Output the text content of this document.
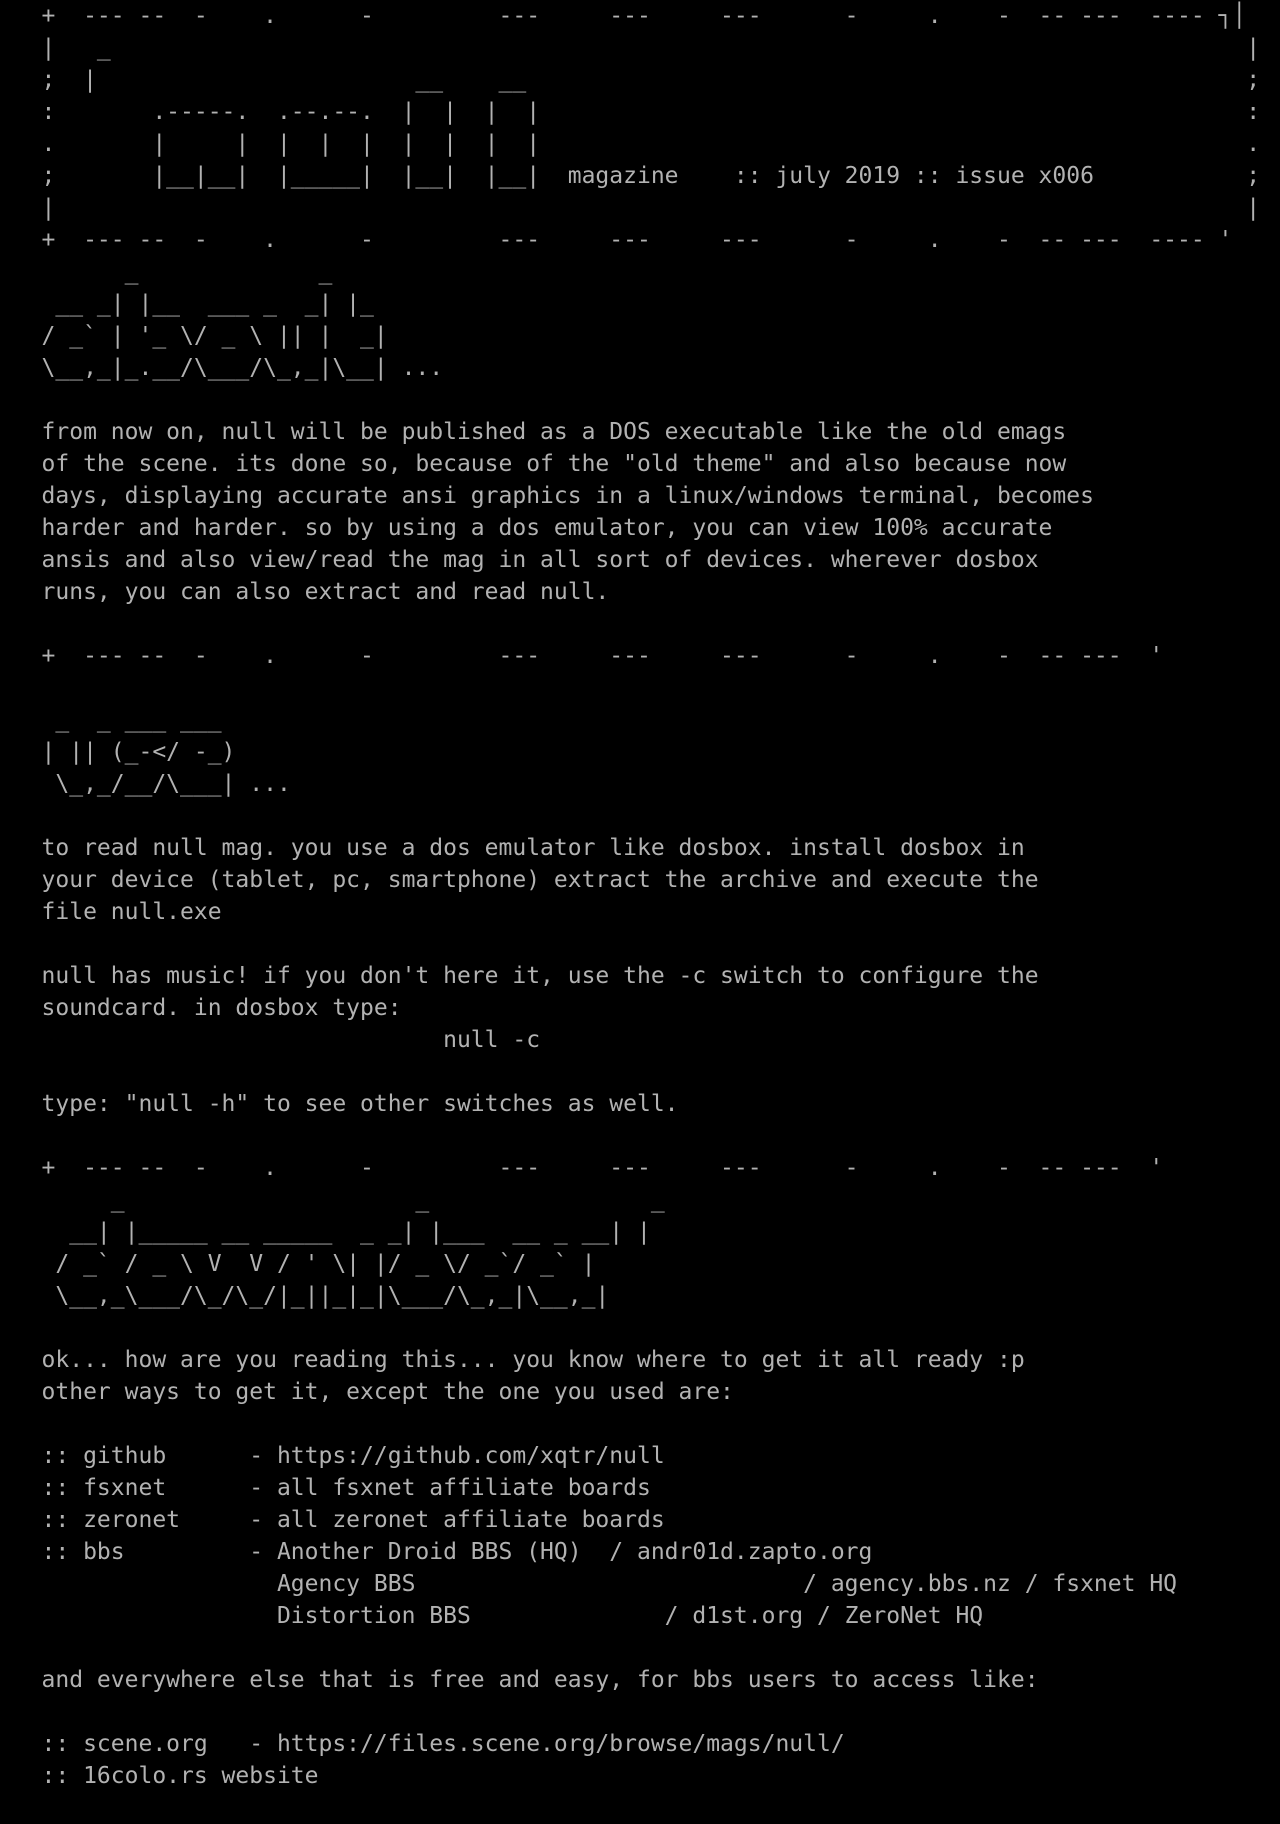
+  --- --  -    .      -         ---     ---     ---      -     .    -  -- ---  ---- ┐│
|   _                                                                                  |
;  |                       __    __                                                    ;
:       .-----.  .--.--.  |  |  |  |                                                   :
.       |     |  |  |  |  |  |  |  |                                                   .
;       |__|__|  |_____|  |__|  |__|  magazine    :: july 2019 :: issue x006           ;
|                                                                                      |
+  --- --  -    .      -         ---     ---     ---      -     .    -  -- ---  ---- '
_             _
__ _| |__  ___ _  _| |_
/ _` | '_ \/ _ \ || |  _|
\__,_|_.__/\___/\_,_|\__| ...
from now on, null will be published as a DOS executable like the old emags
of the scene. its done so, because of the "old theme" and also because now
days, displaying accurate ansi graphics in a linux/windows terminal, becomes
harder and harder. so by using a dos emulator, you can view 100% accurate
ansis and also view/read the mag in all sort of devices. wherever dosbox
runs, you can also extract and read null.
+  --- --  -    .      -         ---     ---     ---      -     .    -  -- ---  '
_  _ ___ ___
| || (_-</ -_)
\_,_/__/\___| ...
to read null mag. you use a dos emulator like dosbox. install dosbox in
your device (tablet, pc, smartphone) extract the archive and execute the
file null.exe
null has music! if you don't here it, use the -c switch to configure the
soundcard. in dosbox type:
null -c
type: "null -h" to see other switches as well.
+  --- --  -    .      -         ---     ---     ---      -     .    -  -- ---  '
_                     _                _
__| |_____ __ _____  _ _| |___  __ _ __| |
/ _` / _ \ V  V / ' \| |/ _ \/ _`/ _` |
\__,_\___/\_/\_/|_||_|_|\___/\_,_|\__,_|
ok... how are you reading this... you know where to get it all ready :p
other ways to get it, except the one you used are:
:: github      - https://github.com/xqtr/null
:: fsxnet      - all fsxnet affiliate boards
:: zeronet     - all zeronet affiliate boards
:: bbs         - Another Droid BBS (HQ)  / andr01d.zapto.org
Agency BBS                            / agency.bbs.nz / fsxnet HQ
Distortion BBS              / d1st.org / ZeroNet HQ
and everywhere else that is free and easy, for bbs users to access like:
:: scene.org   - https://files.scene.org/browse/mags/null/
:: 16colo.rs website
